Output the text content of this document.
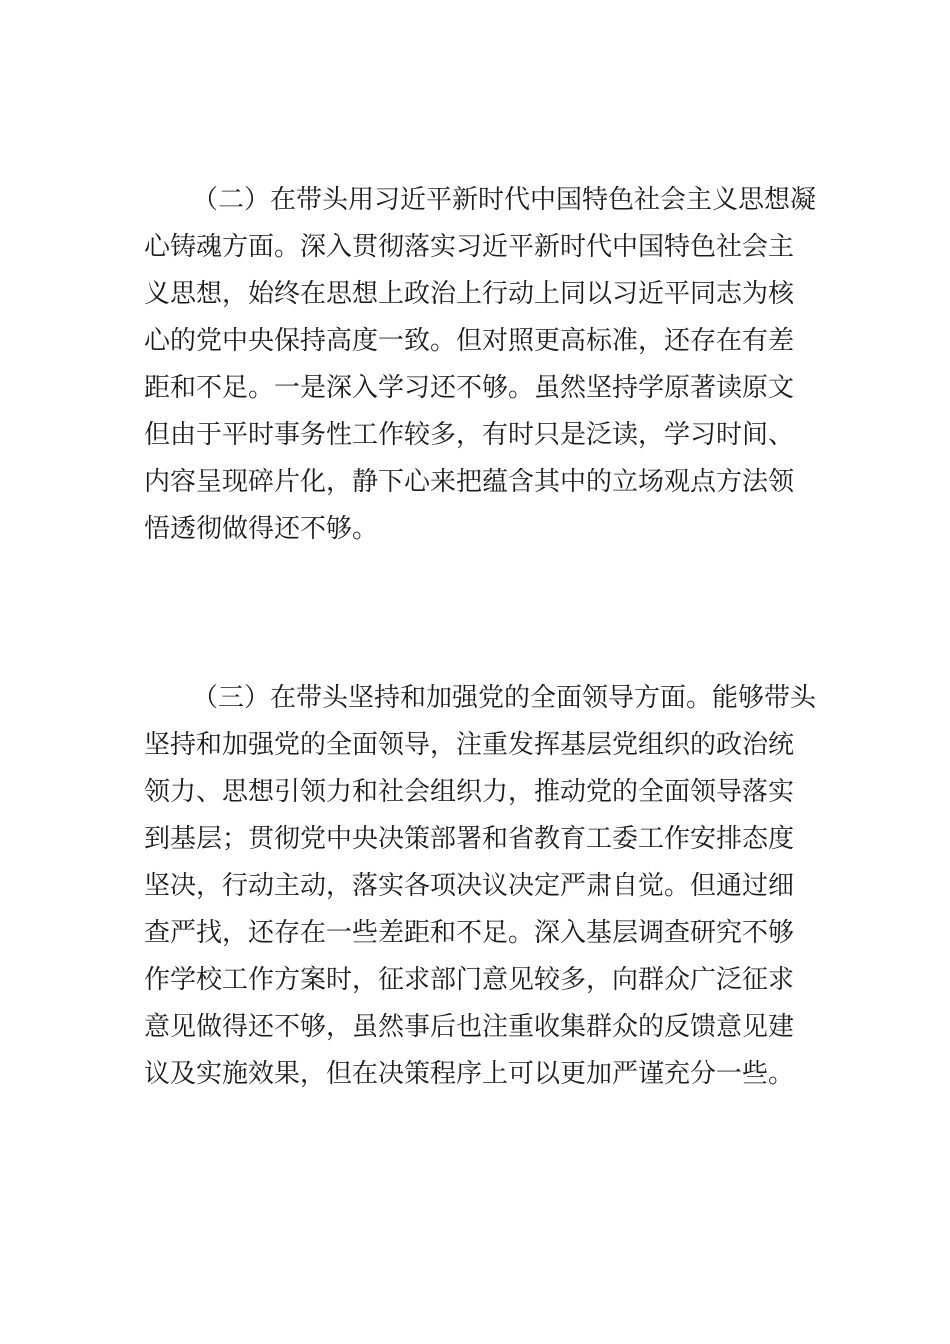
（二）在带头用习近平新时代中国特色社会主义思想凝
心铸魂方面。深入贯彻落实习近平新时代中国特色社会主
义思想，始终在思想上政治上行动上同以习近平同志为核
心的党中央保持高度一致。但对照更高标准，还存在有差
距和不足。一是深入学习还不够。虽然坚持学原著读原文
但由于平时事务性工作较多，有时只是泛读，学习时间、
内容呈现碎片化，静下心来把蕴含其中的立场观点方法领
悟透彻做得还不够。
（三）在带头坚持和加强党的全面领导方面。能够带头
坚持和加强党的全面领导，注重发挥基层党组织的政治统
领力、思想引领力和社会组织力，推动党的全面领导落实
到基层；贯彻党中央决策部署和省教育工委工作安排态度
坚决，行动主动，落实各项决议决定严肃自觉。但通过细
查严找，还存在一些差距和不足。深入基层调查研究不够
作学校工作方案时，征求部门意见较多，向群众广泛征求
意见做得还不够，虽然事后也注重收集群众的反馈意见建
议及实施效果，但在决策程序上可以更加严谨充分一些。
